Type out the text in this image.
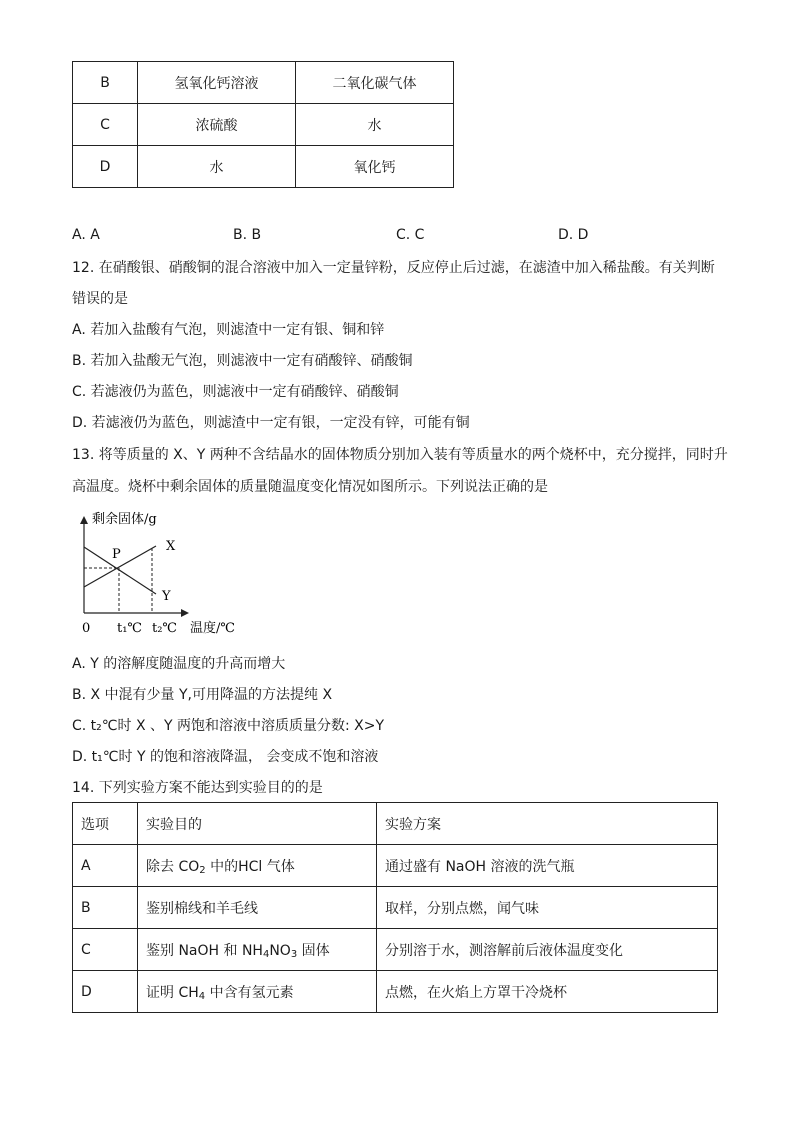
B	氢氧化钙溶液	二氧化碳气体
C	浓硫酸	水
D	水	氧化钙
A. A	B. B	C. C	D. D
12. 在硝酸银、硝酸铜的混合溶液中加入一定量锌粉，反应停止后过滤，在滤渣中加入稀盐酸。有关判断
错误的是
A. 若加入盐酸有气泡，则滤渣中一定有银、铜和锌
B. 若加入盐酸无气泡，则滤液中一定有硝酸锌、硝酸铜
C. 若滤液仍为蓝色，则滤液中一定有硝酸锌、硝酸铜
D. 若滤液仍为蓝色，则滤渣中一定有银，一定没有锌，可能有铜
13. 将等质量的 X、Y 两种不含结晶水的固体物质分别加入装有等质量水的两个烧杯中，充分搅拌，同时升
高温度。烧杯中剩余固体的质量随温度变化情况如图所示。下列说法正确的是
剩余固体/g
P
X
Y
0 t₁℃ t₂℃ 温度/℃
A. Y 的溶解度随温度的升高而增大
B. X 中混有少量 Y,可用降温的方法提纯 X
C. t₂℃时 X 、Y 两饱和溶液中溶质质量分数: X>Y
D. t₁℃时 Y 的饱和溶液降温， 会变成不饱和溶液
14. 下列实验方案不能达到实验目的的是
选项	实验目的	实验方案
A	除去 $CO_2$ 中的HCl 气体	通过盛有 NaOH 溶液的洗气瓶
B	鉴别棉线和羊毛线	取样，分别点燃，闻气味
C	鉴别 NaOH 和 $NH_4NO_3$ 固体	分别溶于水，测溶解前后液体温度变化
D	证明 $CH_4$ 中含有氢元素	点燃，在火焰上方罩干冷烧杯
